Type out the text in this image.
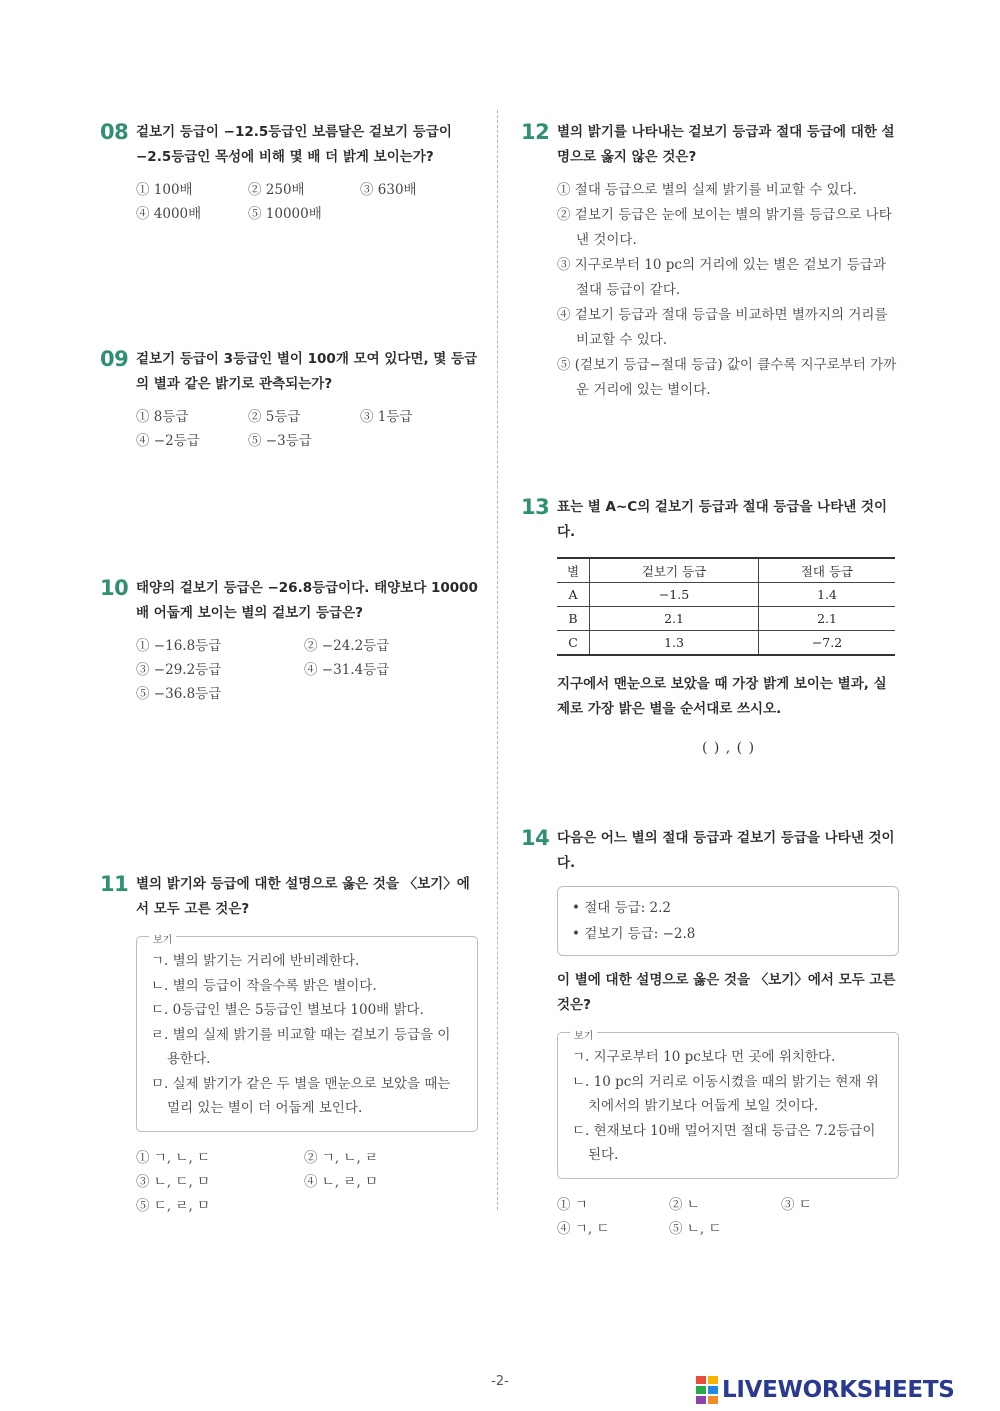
08 겉보기 등급이 −12.5등급인 보름달은 겉보기 등급이 −2.5등급인 목성에 비해 몇 배 더 밝게 보이는가?
① 100배	② 250배	③ 630배
④ 4000배	⑤ 10000배
09 겉보기 등급이 3등급인 별이 100개 모여 있다면, 몇 등급의 별과 같은 밝기로 관측되는가?
① 8등급	② 5등급	③ 1등급
④ −2등급	⑤ −3등급
10 태양의 겉보기 등급은 −26.8등급이다. 태양보다 10000배 어둡게 보이는 별의 겉보기 등급은?
① −16.8등급	② −24.2등급
③ −29.2등급	④ −31.4등급
⑤ −36.8등급
11 별의 밝기와 등급에 대한 설명으로 옳은 것을 〈보기〉에서 모두 고른 것은?
보기
ㄱ. 별의 밝기는 거리에 반비례한다.
ㄴ. 별의 등급이 작을수록 밝은 별이다.
ㄷ. 0등급인 별은 5등급인 별보다 100배 밝다.
ㄹ. 별의 실제 밝기를 비교할 때는 겉보기 등급을 이용한다.
ㅁ. 실제 밝기가 같은 두 별을 맨눈으로 보았을 때는 멀리 있는 별이 더 어둡게 보인다.
① ㄱ, ㄴ, ㄷ	② ㄱ, ㄴ, ㄹ
③ ㄴ, ㄷ, ㅁ	④ ㄴ, ㄹ, ㅁ
⑤ ㄷ, ㄹ, ㅁ
12 별의 밝기를 나타내는 겉보기 등급과 절대 등급에 대한 설명으로 옳지 않은 것은?
① 절대 등급으로 별의 실제 밝기를 비교할 수 있다.
② 겉보기 등급은 눈에 보이는 별의 밝기를 등급으로 나타낸 것이다.
③ 지구로부터 10 pc의 거리에 있는 별은 겉보기 등급과 절대 등급이 같다.
④ 겉보기 등급과 절대 등급을 비교하면 별까지의 거리를 비교할 수 있다.
⑤ (겉보기 등급−절대 등급) 값이 클수록 지구로부터 가까운 거리에 있는 별이다.
13 표는 별 A∼C의 겉보기 등급과 절대 등급을 나타낸 것이다.
별	겉보기 등급	절대 등급
A	−1.5	1.4
B	2.1	2.1
C	1.3	−7.2
지구에서 맨눈으로 보았을 때 가장 밝게 보이는 별과, 실제로 가장 밝은 별을 순서대로 쓰시오.
( ) , ( )
14 다음은 어느 별의 절대 등급과 겉보기 등급을 나타낸 것이다.
• 절대 등급: 2.2
• 겉보기 등급: −2.8
이 별에 대한 설명으로 옳은 것을 〈보기〉에서 모두 고른 것은?
보기
ㄱ. 지구로부터 10 pc보다 먼 곳에 위치한다.
ㄴ. 10 pc의 거리로 이동시켰을 때의 밝기는 현재 위치에서의 밝기보다 어둡게 보일 것이다.
ㄷ. 현재보다 10배 멀어지면 절대 등급은 7.2등급이 된다.
① ㄱ	② ㄴ	③ ㄷ
④ ㄱ, ㄷ	⑤ ㄴ, ㄷ
-2-	LIVEWORKSHEETS
